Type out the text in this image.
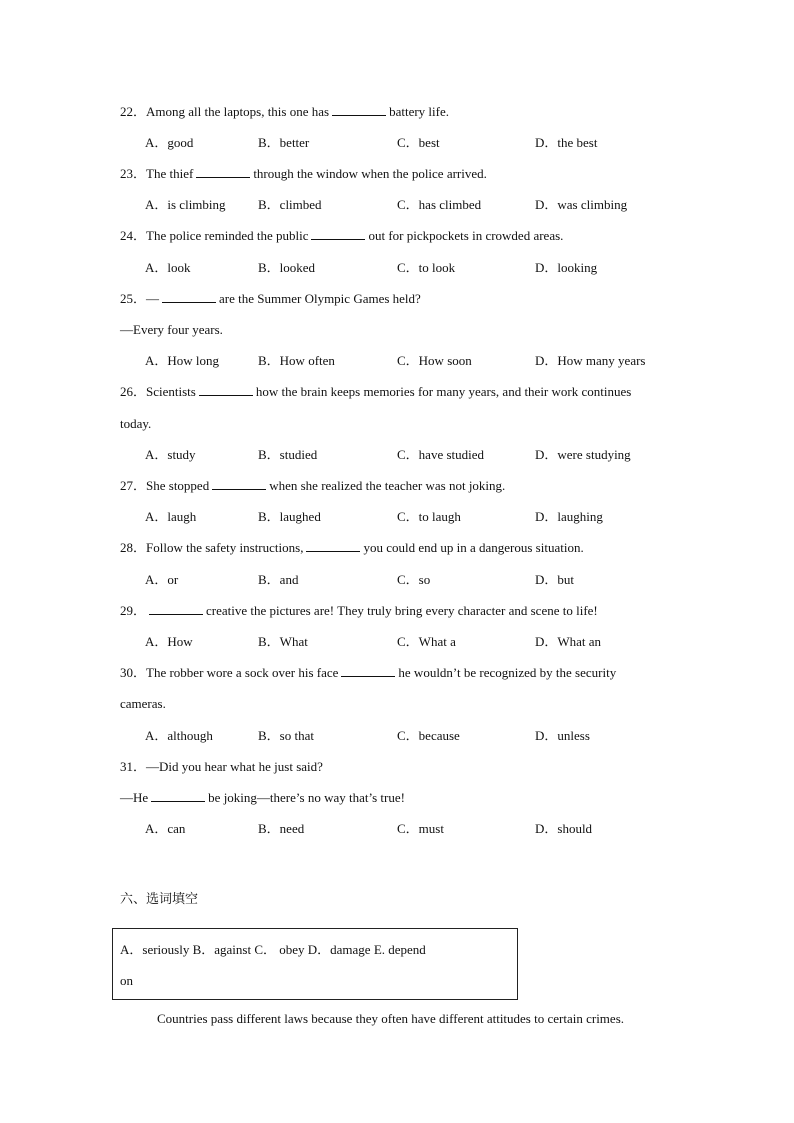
22．Among all the laptops, this one has	battery life.
A．good	B．better	C．best	D．the best
23．The thief	through the window when the police arrived.
A．is climbing B．climbed	C．has climbed	D．was climbing
24．The police reminded the public	out for pickpockets in crowded areas.
A．look	B．looked	C．to look	D．looking
25．—	are the Summer Olympic Games held?
—Every four years.
A．How long	B．How often	C．How soon	D．How many years
26．Scientists	how the brain keeps memories for many years, and their work continues
today.
A．study	B．studied	C．have studied	D．were studying
27．She stopped	when she realized the teacher was not joking.
A．laugh	B．laughed	C．to laugh	D．laughing
28．Follow the safety instructions,	you could end up in a dangerous situation.
A．or	B．and	C．so	D．but
29．	creative the pictures are! They truly bring every character and scene to life!
A．How	B．What	C．What a	D．What an
30．The robber wore a sock over his face	he wouldn’t be recognized by the security
cameras.
A．although	B．so that	C．because	D．unless
31．—Did you hear what he just said?
—He	be joking—there’s no way that’s true!
A．can	B．need	C．must	D．should
六、选词填空
A．seriously B．against C． obey D．damage E. depend
on
Countries pass different laws because they often have different attitudes to certain crimes.
